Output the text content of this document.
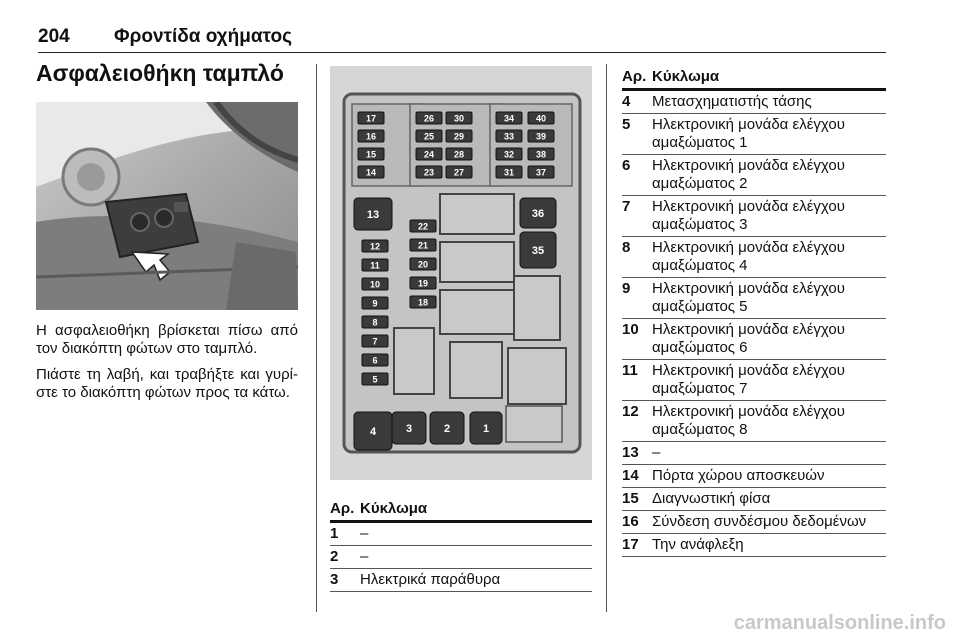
204 Φροντίδα οχήματος
Ασφαλειοθήκη ταμπλό

Η ασφαλειοθήκη βρίσκεται πίσω από τον διακόπτη φώτων στο ταμπλό.

Πιάστε τη λαβή, και τραβήξτε και γυρί-στε το διακόπτη φώτων προς τα κάτω.

17
16
15
14
26
25
24
23
30
29
28
27
34
33
32
31
40
39
38
37
12
11
10
9
8
7
6
5
22
21
20
19
18
13	36
35
4	3	2	1
Αρ. Κύκλωμα
1	–
2	–
3	Ηλεκτρικά παράθυρα
Αρ. Κύκλωμα
4	Μετασχηματιστής τάσης
5	Ηλεκτρονική μονάδα ελέγχου αμαξώματος 1
6	Ηλεκτρονική μονάδα ελέγχου αμαξώματος 2
7	Ηλεκτρονική μονάδα ελέγχου αμαξώματος 3
8	Ηλεκτρονική μονάδα ελέγχου αμαξώματος 4
9	Ηλεκτρονική μονάδα ελέγχου αμαξώματος 5
10 Ηλεκτρονική μονάδα ελέγχου αμαξώματος 6
11 Ηλεκτρονική μονάδα ελέγχου αμαξώματος 7
12 Ηλεκτρονική μονάδα ελέγχου αμαξώματος 8
13 –
14 Πόρτα χώρου αποσκευών
15 Διαγνωστική φίσα
16 Σύνδεση συνδέσμου δεδομένων
17 Την ανάφλεξη
carmanualsonline.info
